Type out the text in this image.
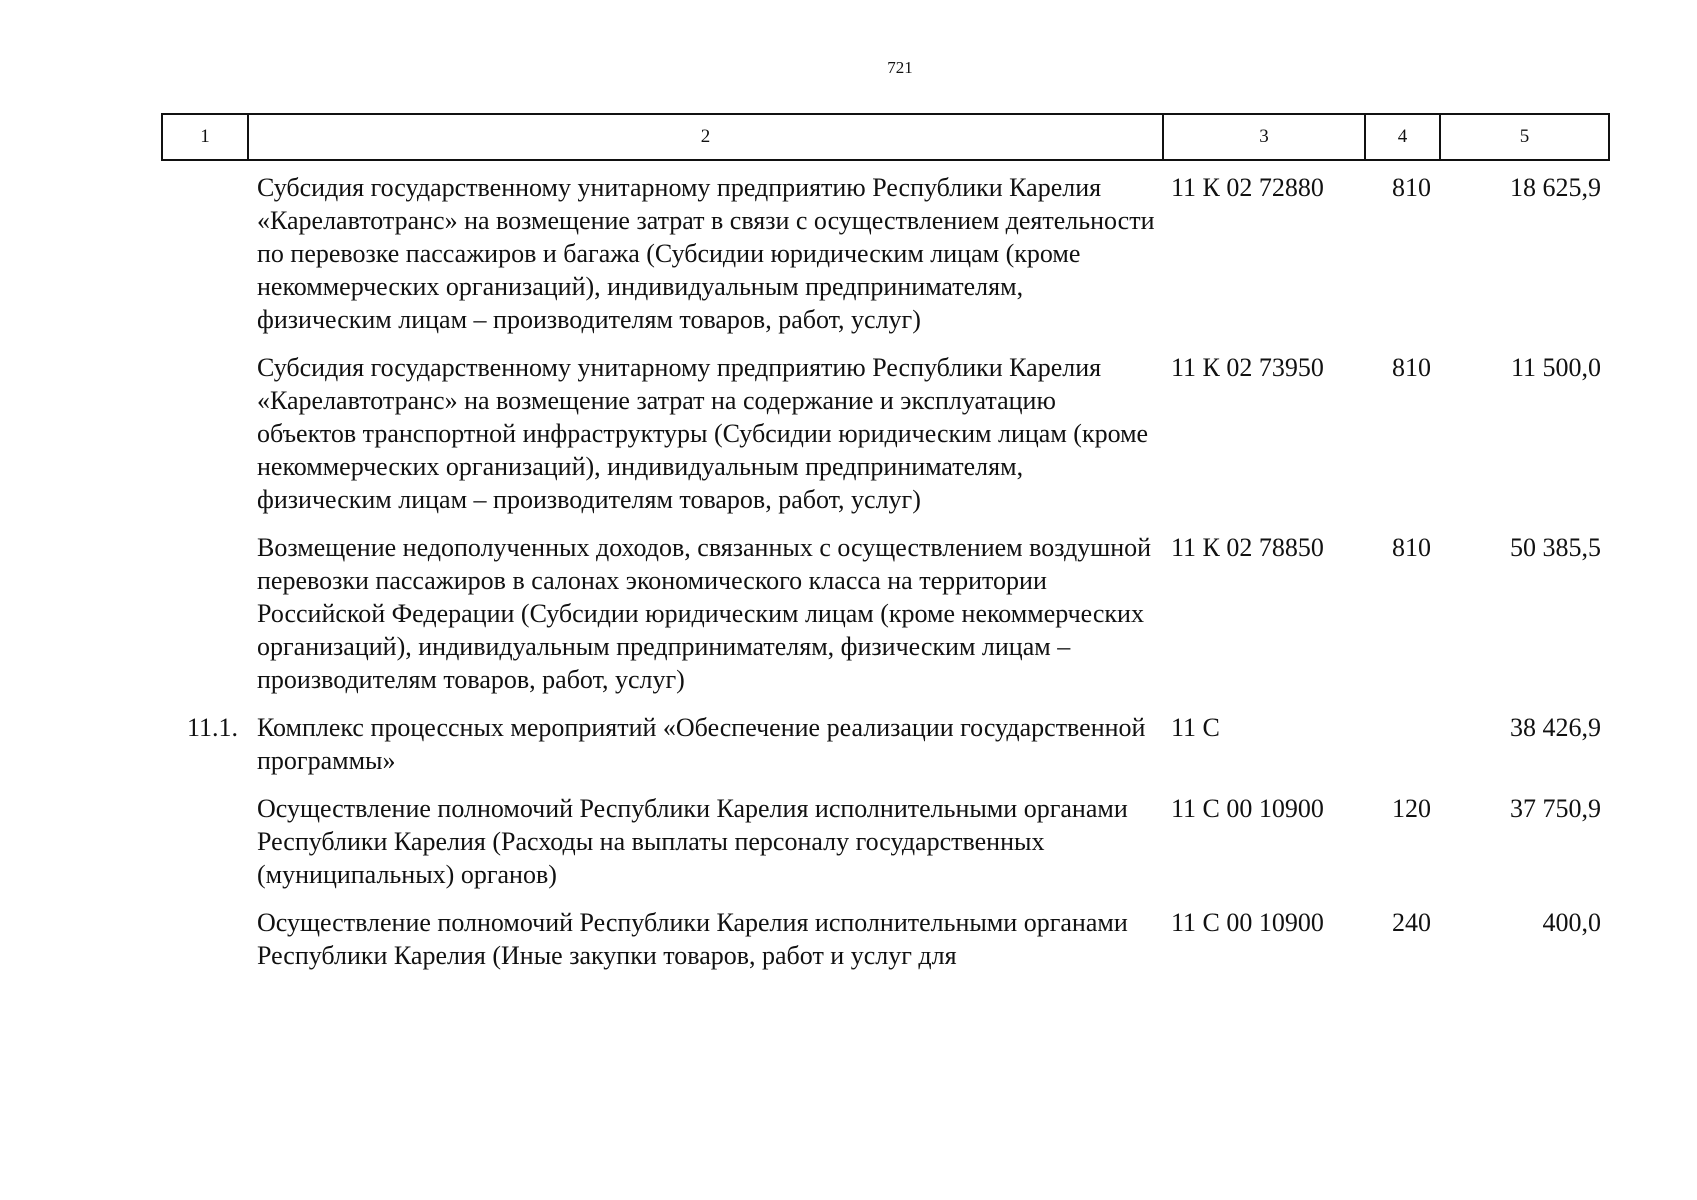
721
1	2	3	4	5
	Субсидия государственному унитарному предприятию Республики Карелия «Карелавтотранс» на возмещение затрат в связи с осуществлением деятельности по перевозке пассажиров и багажа (Субсидии юридическим лицам (кроме некоммерческих организаций), индивидуальным предпринимателям, физическим лицам – производителям товаров, работ, услуг)	11 К 02 72880	810	18 625,9
	Субсидия государственному унитарному предприятию Республики Карелия «Карелавтотранс» на возмещение затрат на содержание и эксплуатацию объектов транспортной инфраструктуры (Субсидии юридическим лицам (кроме некоммерческих организаций), индивидуальным предпринимателям, физическим лицам – производителям товаров, работ, услуг)	11 К 02 73950	810	11 500,0
	Возмещение недополученных доходов, связанных с осуществлением воздушной перевозки пассажиров в салонах экономического класса на территории Российской Федерации (Субсидии юридическим лицам (кроме некоммерческих организаций), индивидуальным предпринимателям, физическим лицам – производителям товаров, работ, услуг)	11 К 02 78850	810	50 385,5
11.1.	Комплекс процессных мероприятий «Обеспечение реализации государственной программы»	11 С		38 426,9
	Осуществление полномочий Республики Карелия исполнительными органами Республики Карелия (Расходы на выплаты персоналу государственных (муниципальных) органов)	11 С 00 10900	120	37 750,9
	Осуществление полномочий Республики Карелия исполнительными органами Республики Карелия (Иные закупки товаров, работ и услуг для	11 С 00 10900	240	400,0
